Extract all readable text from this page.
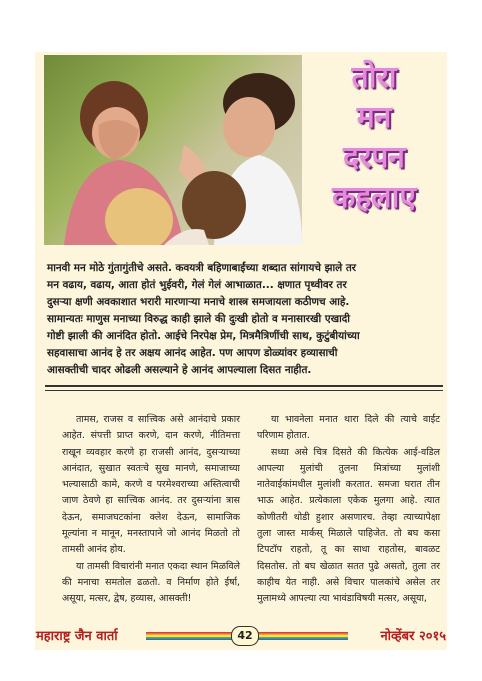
तोरा
मन
दरपन
कहलाए
मानवी मन मोठे गुंतागुंतीचे असते. कवयत्री बहिणाबाईंच्या शब्दात सांगायचे झाले तर
मन वढाय, वढाय, आता होतं भुईवरी, गेलं गेलं आभाळात... क्षणात पृथ्वीवर तर
दुसऱ्या क्षणी अवकाशात भरारी मारणाऱ्या मनाचे शास्त्र समजायला कठीणच आहे.
सामान्यतः माणुस मनाच्या विरुद्ध काही झाले की दुःखी होतो व मनासारखी एखादी
गोष्टी झाली की आनंदित होतो. आईचे निरपेक्ष प्रेम, मित्रमैत्रिणींची साथ, कुटुंबीयांच्या
सहवासाचा आनंद हे तर अक्षय आनंद आहेत. पण आपण डोळ्यांवर हव्यासाची
आसक्तीची चादर ओढली असल्याने हे आनंद आपल्याला दिसत नाहीत.

तामस, राजस व सात्त्विक असे आनंदाचे प्रकार आहेत. संपत्ती प्राप्त करणे, दान करणे, नीतिमत्ता राखून व्यवहार करणे हा राजसी आनंद, दुसऱ्याच्या आनंदात, सुखात स्वतःचे सुख मानणे, समाजाच्या भल्यासाठी कामे, करणे व परमेश्वराच्या अस्तित्वाची जाण ठेवणे हा सात्त्विक आनंद. तर दुसऱ्यांना त्रास देऊन, समाजघटकांना क्लेश देऊन, सामाजिक मूल्यांना न मानून, मनस्तापाने जो आनंद मिळतो तो तामसी आनंद होय.

या तामसी विचारांनी मनात एकदा स्थान मिळविले की मनाचा समतोल ढळतो. व निर्माण होते ईर्षा, असूया, मत्सर, द्वेष, हव्यास, आसक्ती!

या भावनेला मनात थारा दिले की त्याचे वाईट परिणाम होतात.

सध्या असे चित्र दिसते की कित्येक आई-वडिल आपल्या मुलांची तुलना मित्रांच्या मुलांशी नातेवाईकांमधील मुलांशी करतात. समजा घरात तीन भाऊ आहेत. प्रत्येकाला एकेक मुलगा आहे. त्यात कोणीतरी थोडी हुशार असणारच. तेव्हा त्याच्यापेक्षा तुला जास्त मार्कस् मिळाले पाहिजेत. तो बघ कसा टिपटॉप राहतो, तू का साधा राहतोस, बावळट दिसतोस. तो बघ खेळात सतत पुढे असतो, तुला तर काहीच येत नाही. असे विचार पालकांचे असेल तर मुलामध्ये आपल्या त्या भावंडाविषयी मत्सर, असूया,

महाराष्ट्र जैन वार्ता	42	नोव्हेंबर २०१५
